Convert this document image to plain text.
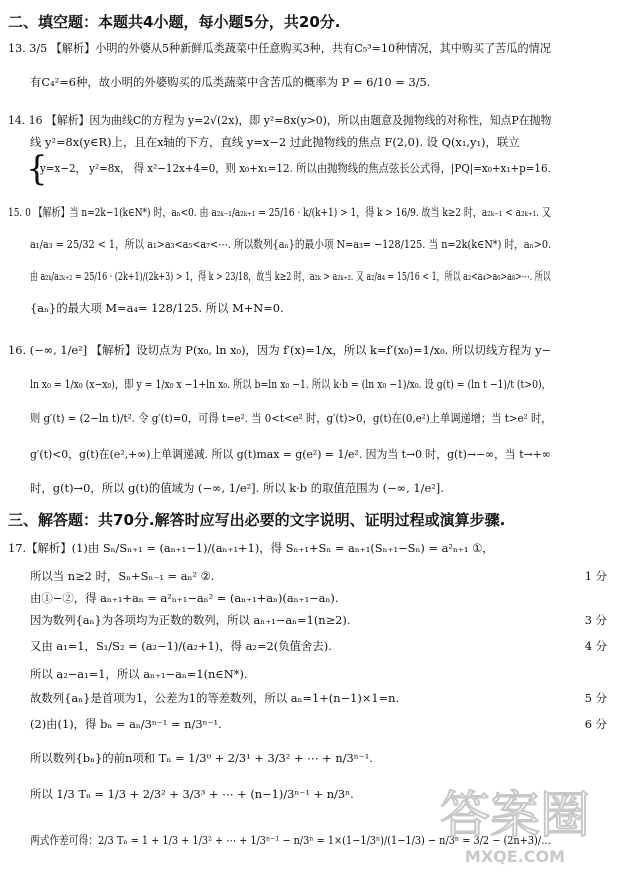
二、填空题：本题共4小题，每小题5分，共20分.
13. 3/5 【解析】小明的外婆从5种新鲜瓜类蔬菜中任意购买3种，共有C₅³=10种情况，其中购买了苦瓜的情况
有C₄²=6种，故小明的外婆购买的瓜类蔬菜中含苦瓜的概率为 P = 6/10 = 3/5.
14. 16 【解析】因为曲线C的方程为 y=2√(2x)，即 y²=8x(y>0)，所以由题意及抛物线的对称性，知点P在抛物
线 y²=8x(y∈R)上，且在x轴的下方，直线 y=x−2 过此抛物线的焦点 F(2,0). 设 Q(x₁,y₁)，联立
{
y=x−2， y²=8x， 得 x²−12x+4=0，则 x₀+x₁=12. 所以由抛物线的焦点弦长公式得，|PQ|=x₀+x₁+p=16.
15. 0 【解析】当 n=2k−1(k∈N*) 时，aₙ<0. 由 a₂ₖ₋₁/a₂ₖ₊₁ = 25/16 · k/(k+1) > 1，得 k > 16/9. 故当 k≥2 时，a₂ₖ₋₁ < a₂ₖ₊₁. 又
a₁/a₃ = 25/32 < 1，所以 a₁>a₃<a₅<a₇<⋯. 所以数列{aₙ}的最小项 N=a₃= −128/125. 当 n=2k(k∈N*) 时，aₙ>0.
由 a₂ₖ/a₂ₖ₊₂ = 25/16 · (2k+1)/(2k+3) > 1，得 k > 23/18，故当 k≥2 时，a₂ₖ > a₂ₖ₊₂. 又 a₂/a₄ = 15/16 < 1，所以 a₂<a₄>a₆>a₈>⋯. 所以
{aₙ}的最大项 M=a₄= 128/125. 所以 M+N=0.
16. (−∞, 1/e²] 【解析】设切点为 P(x₀, ln x₀)，因为 f′(x)=1/x，所以 k=f′(x₀)=1/x₀. 所以切线方程为 y−
ln x₀ = 1/x₀ (x−x₀)，即 y = 1/x₀ x −1+ln x₀. 所以 b=ln x₀ −1. 所以 k·b = (ln x₀ −1)/x₀. 设 g(t) = (ln t −1)/t (t>0)，
则 g′(t) = (2−ln t)/t². 令 g′(t)=0，可得 t=e². 当 0<t<e² 时，g′(t)>0，g(t)在(0,e²)上单调递增；当 t>e² 时，
g′(t)<0，g(t)在(e²,+∞)上单调递减. 所以 g(t)max = g(e²) = 1/e². 因为当 t→0 时，g(t)→−∞，当 t→+∞
时，g(t)→0，所以 g(t)的值域为 (−∞, 1/e²]. 所以 k·b 的取值范围为 (−∞, 1/e²].
三、解答题：共70分.解答时应写出必要的文字说明、证明过程或演算步骤.
17.【解析】(1)由 Sₙ/Sₙ₊₁ = (aₙ₊₁−1)/(aₙ₊₁+1)，得 Sₙ₊₁+Sₙ = aₙ₊₁(Sₙ₊₁−Sₙ) = a²ₙ₊₁ ①，
所以当 n≥2 时，Sₙ+Sₙ₋₁ = aₙ² ②.	1 分
由①−②，得 aₙ₊₁+aₙ = a²ₙ₊₁−aₙ² = (aₙ₊₁+aₙ)(aₙ₊₁−aₙ).
因为数列{aₙ}为各项均为正数的数列，所以 aₙ₊₁−aₙ=1(n≥2).	3 分
又由 a₁=1，S₁/S₂ = (a₂−1)/(a₂+1)，得 a₂=2(负值舍去).	4 分
所以 a₂−a₁=1，所以 aₙ₊₁−aₙ=1(n∈N*).
故数列{aₙ}是首项为1，公差为1的等差数列，所以 aₙ=1+(n−1)×1=n.	5 分
(2)由(1)，得 bₙ = aₙ/3ⁿ⁻¹ = n/3ⁿ⁻¹.	6 分
所以数列{bₙ}的前n项和 Tₙ = 1/3⁰ + 2/3¹ + 3/3² + ⋯ + n/3ⁿ⁻¹.
所以 1/3 Tₙ = 1/3 + 2/3² + 3/3³ + ⋯ + (n−1)/3ⁿ⁻¹ + n/3ⁿ.
两式作差可得：2/3 Tₙ = 1 + 1/3 + 1/3² + ⋯ + 1/3ⁿ⁻¹ − n/3ⁿ = 1×(1−1/3ⁿ)/(1−1/3) − n/3ⁿ = 3/2 − (2n+3)/…
答案圈
MXQE.COM
